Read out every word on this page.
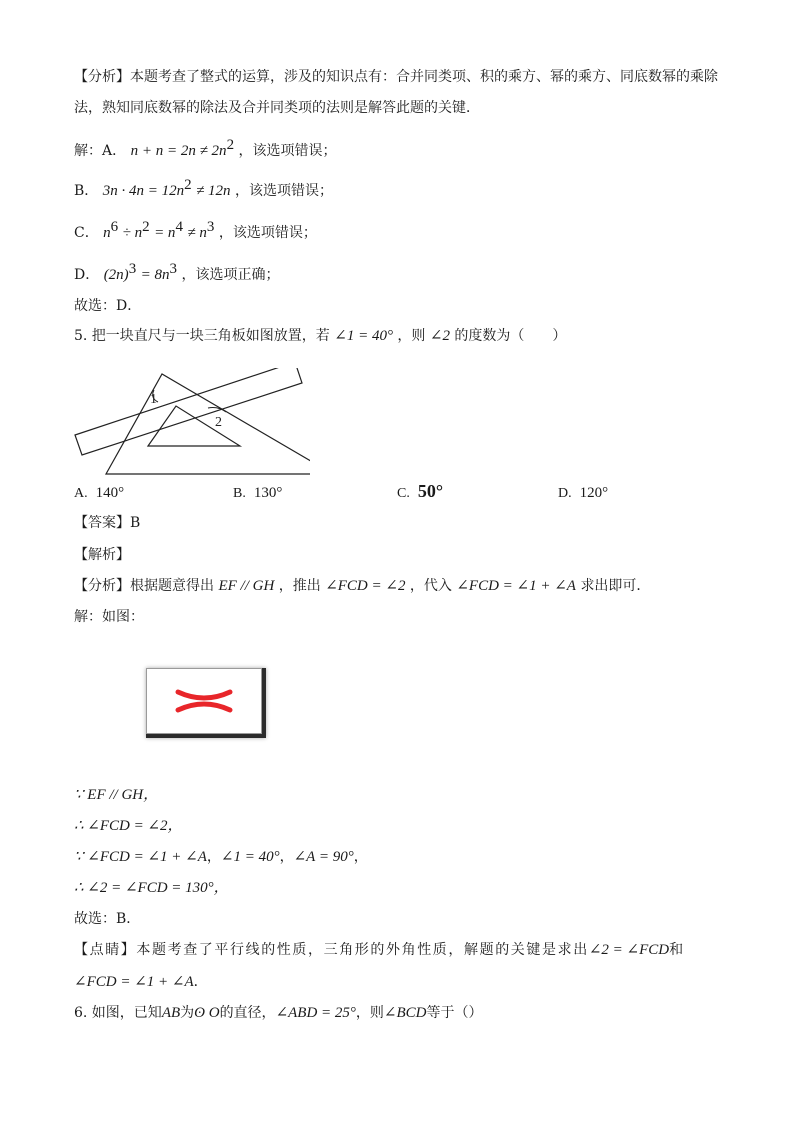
【分析】本题考查了整式的运算，涉及的知识点有：合并同类项、积的乘方、幂的乘方、同底数幂的乘除
法，熟知同底数幂的除法及合并同类项的法则是解答此题的关键．
解：A． $n + n = 2n \ne 2n^2$ ，该选项错误；
B． $3n \cdot 4n = 12n^2 \ne 12n$ ，该选项错误；
C． $n^6 \div n^2 = n^4 \ne n^3$ ，该选项错误；
D． $(2n)^3 = 8n^3$ ，该选项正确；
故选：D．
5. 把一块直尺与一块三角板如图放置，若 ∠1 = 40° ，则 ∠2 的度数为（　　）
1
2
A. 140°	B. 130°	C. 50°	D. 120°
【答案】B
【解析】
【分析】根据题意得出 EF // GH ，推出 ∠FCD = ∠2 ，代入 ∠FCD = ∠1 + ∠A 求出即可．
解：如图：
∵ EF // GH，
∴ ∠FCD = ∠2，
∵ ∠FCD = ∠1 + ∠A，∠1 = 40°，∠A = 90°，
∴ ∠2 = ∠FCD = 130°，
故选：B．
【点睛】本题考查了平行线的性质，三角形的外角性质，解题的关键是求出∠2 = ∠FCD和
∠FCD = ∠1 + ∠A．
6. 如图，已知AB为ʘ O的直径，∠ABD = 25°，则∠BCD等于（）
